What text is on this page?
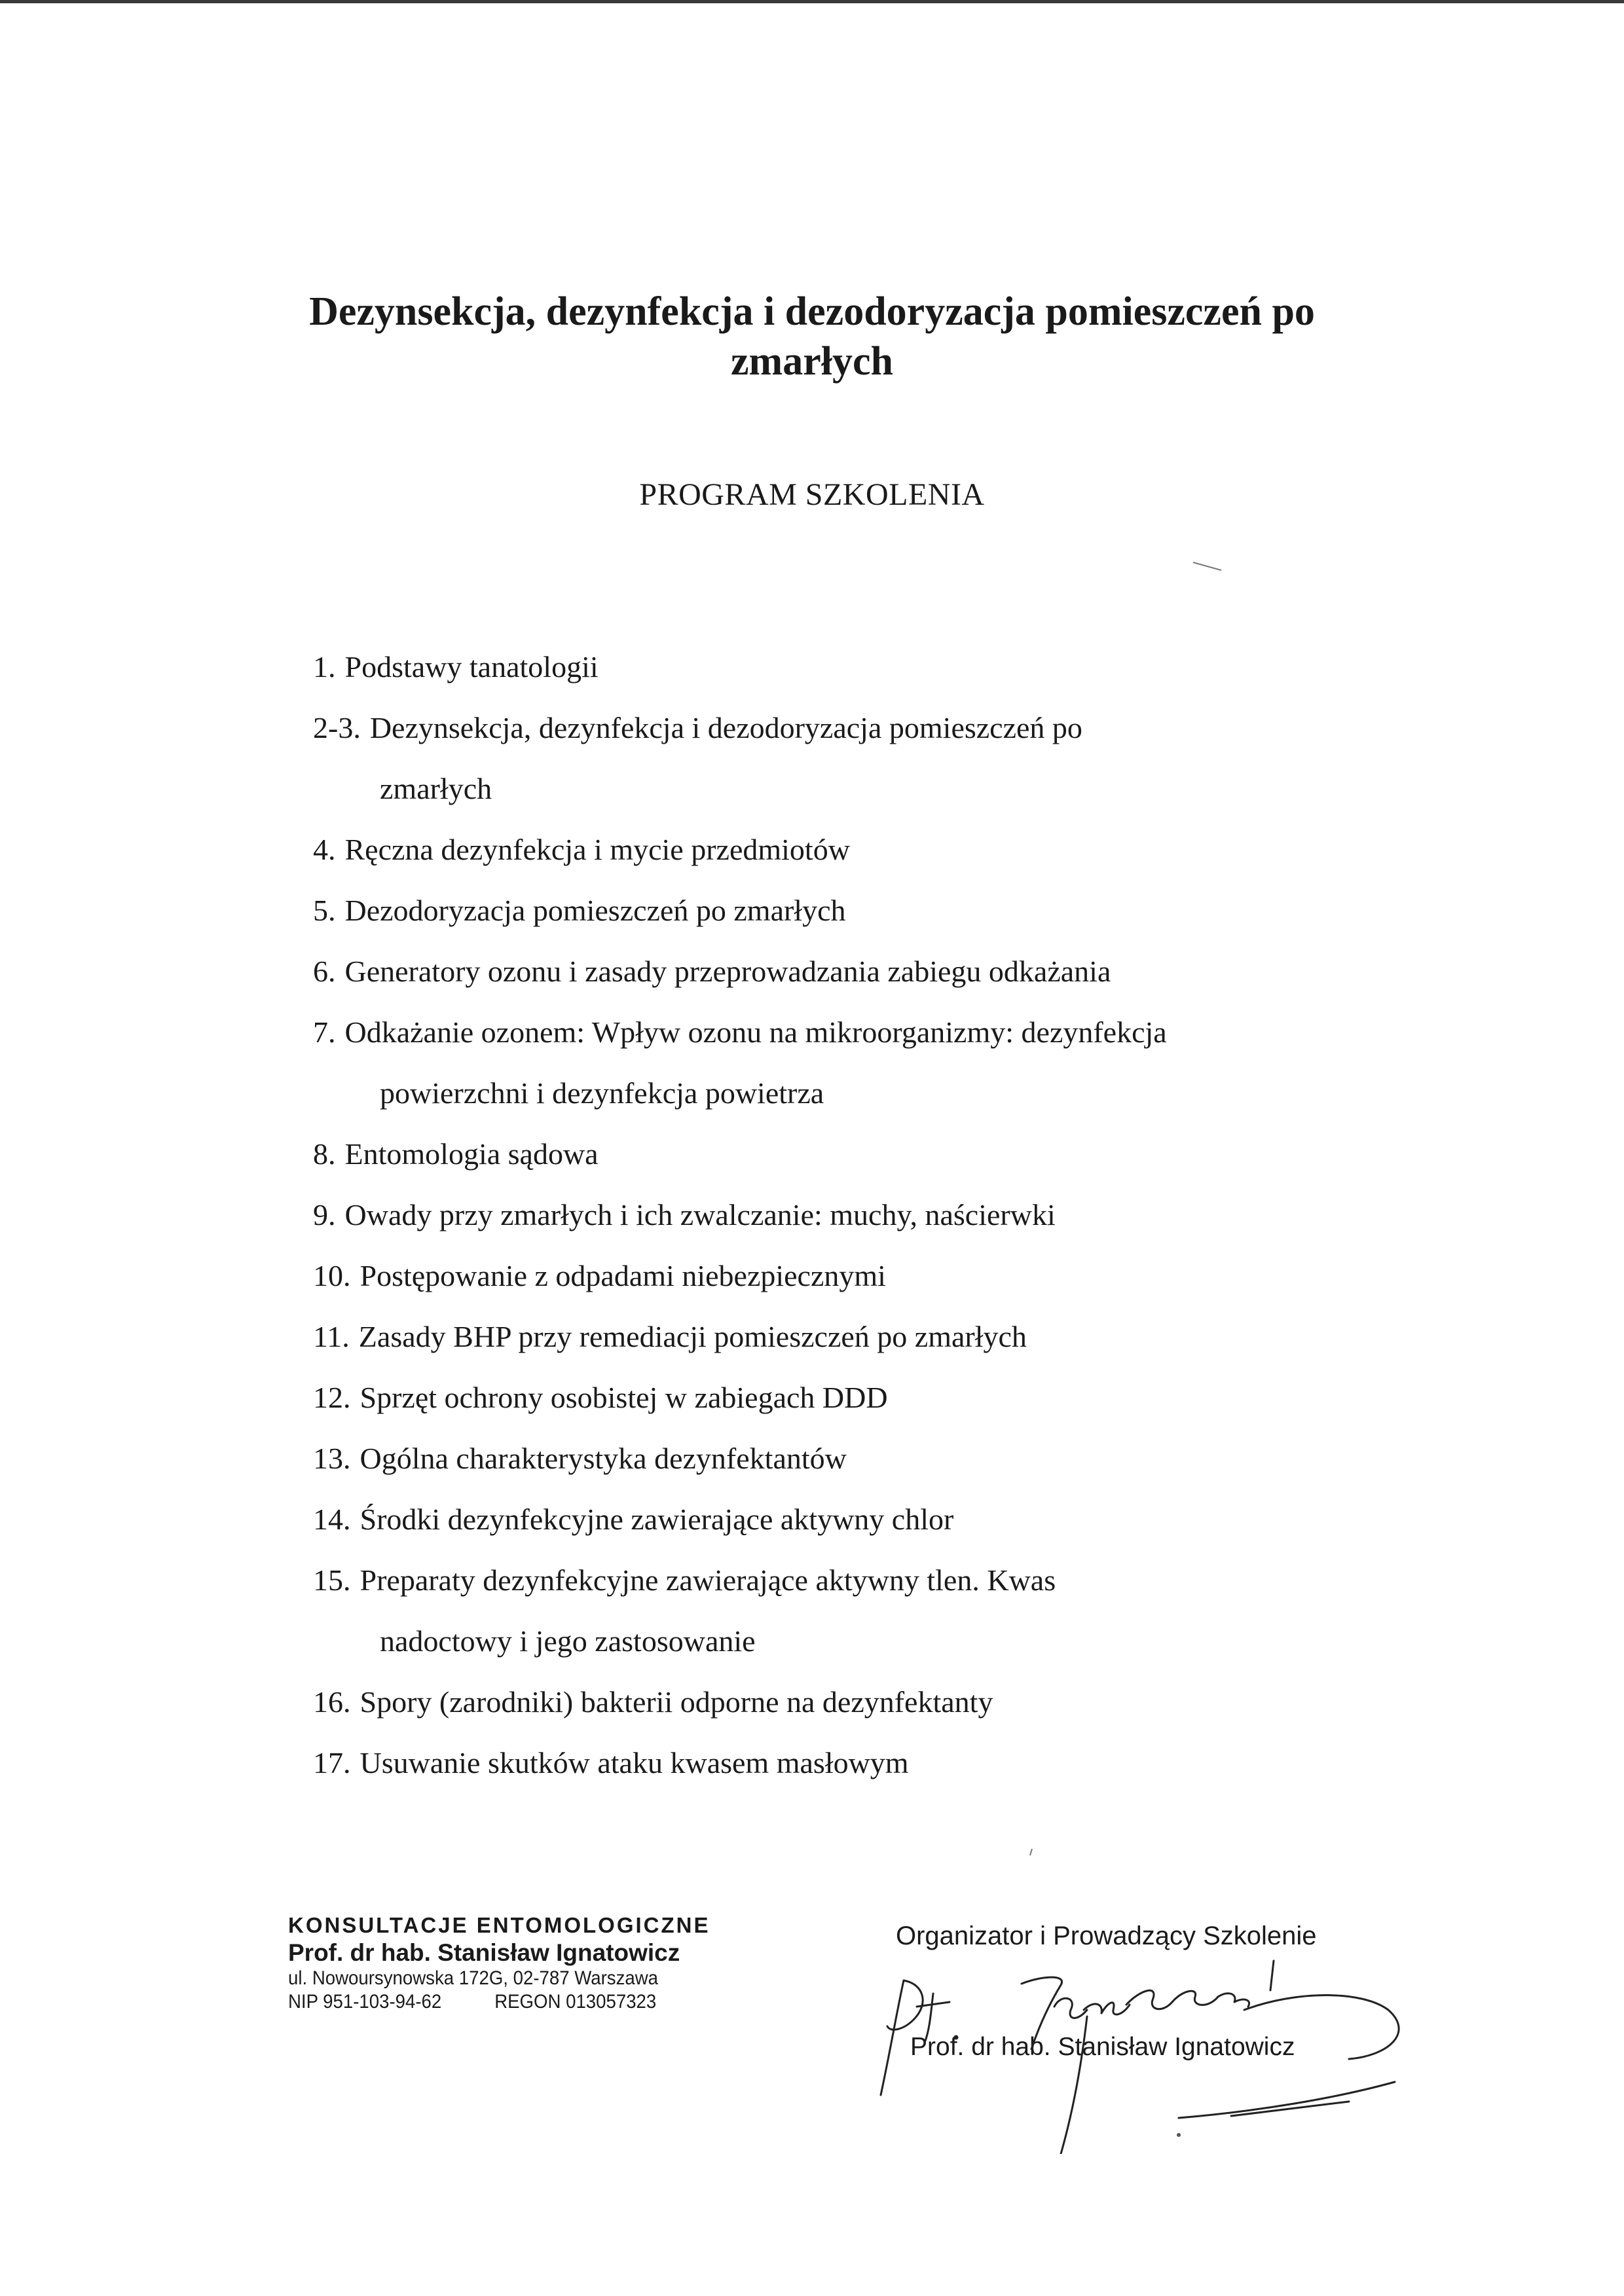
Dezynsekcja, dezynfekcja i dezodoryzacja pomieszczeń po zmarłych
PROGRAM SZKOLENIA
1. Podstawy tanatologii
2-3. Dezynsekcja, dezynfekcja i dezodoryzacja pomieszczeń po
zmarłych
4. Ręczna dezynfekcja i mycie przedmiotów
5. Dezodoryzacja pomieszczeń po zmarłych
6. Generatory ozonu i zasady przeprowadzania zabiegu odkażania
7. Odkażanie ozonem: Wpływ ozonu na mikroorganizmy: dezynfekcja
powierzchni i dezynfekcja powietrza
8. Entomologia sądowa
9. Owady przy zmarłych i ich zwalczanie: muchy, naścierwki
10. Postępowanie z odpadami niebezpiecznymi
11. Zasady BHP przy remediacji pomieszczeń po zmarłych
12. Sprzęt ochrony osobistej w zabiegach DDD
13. Ogólna charakterystyka dezynfektantów
14. Środki dezynfekcyjne zawierające aktywny chlor
15. Preparaty dezynfekcyjne zawierające aktywny tlen. Kwas
nadoctowy i jego zastosowanie
16. Spory (zarodniki) bakterii odporne na dezynfektanty
17. Usuwanie skutków ataku kwasem masłowym
KONSULTACJE ENTOMOLOGICZNE
Prof. dr hab. Stanisław Ignatowicz
ul. Nowoursynowska 172G, 02-787 Warszawa
NIP 951-103-94-62	REGON 013057323
Organizator i Prowadzący Szkolenie
Prof. dr hab. Stanisław Ignatowicz
